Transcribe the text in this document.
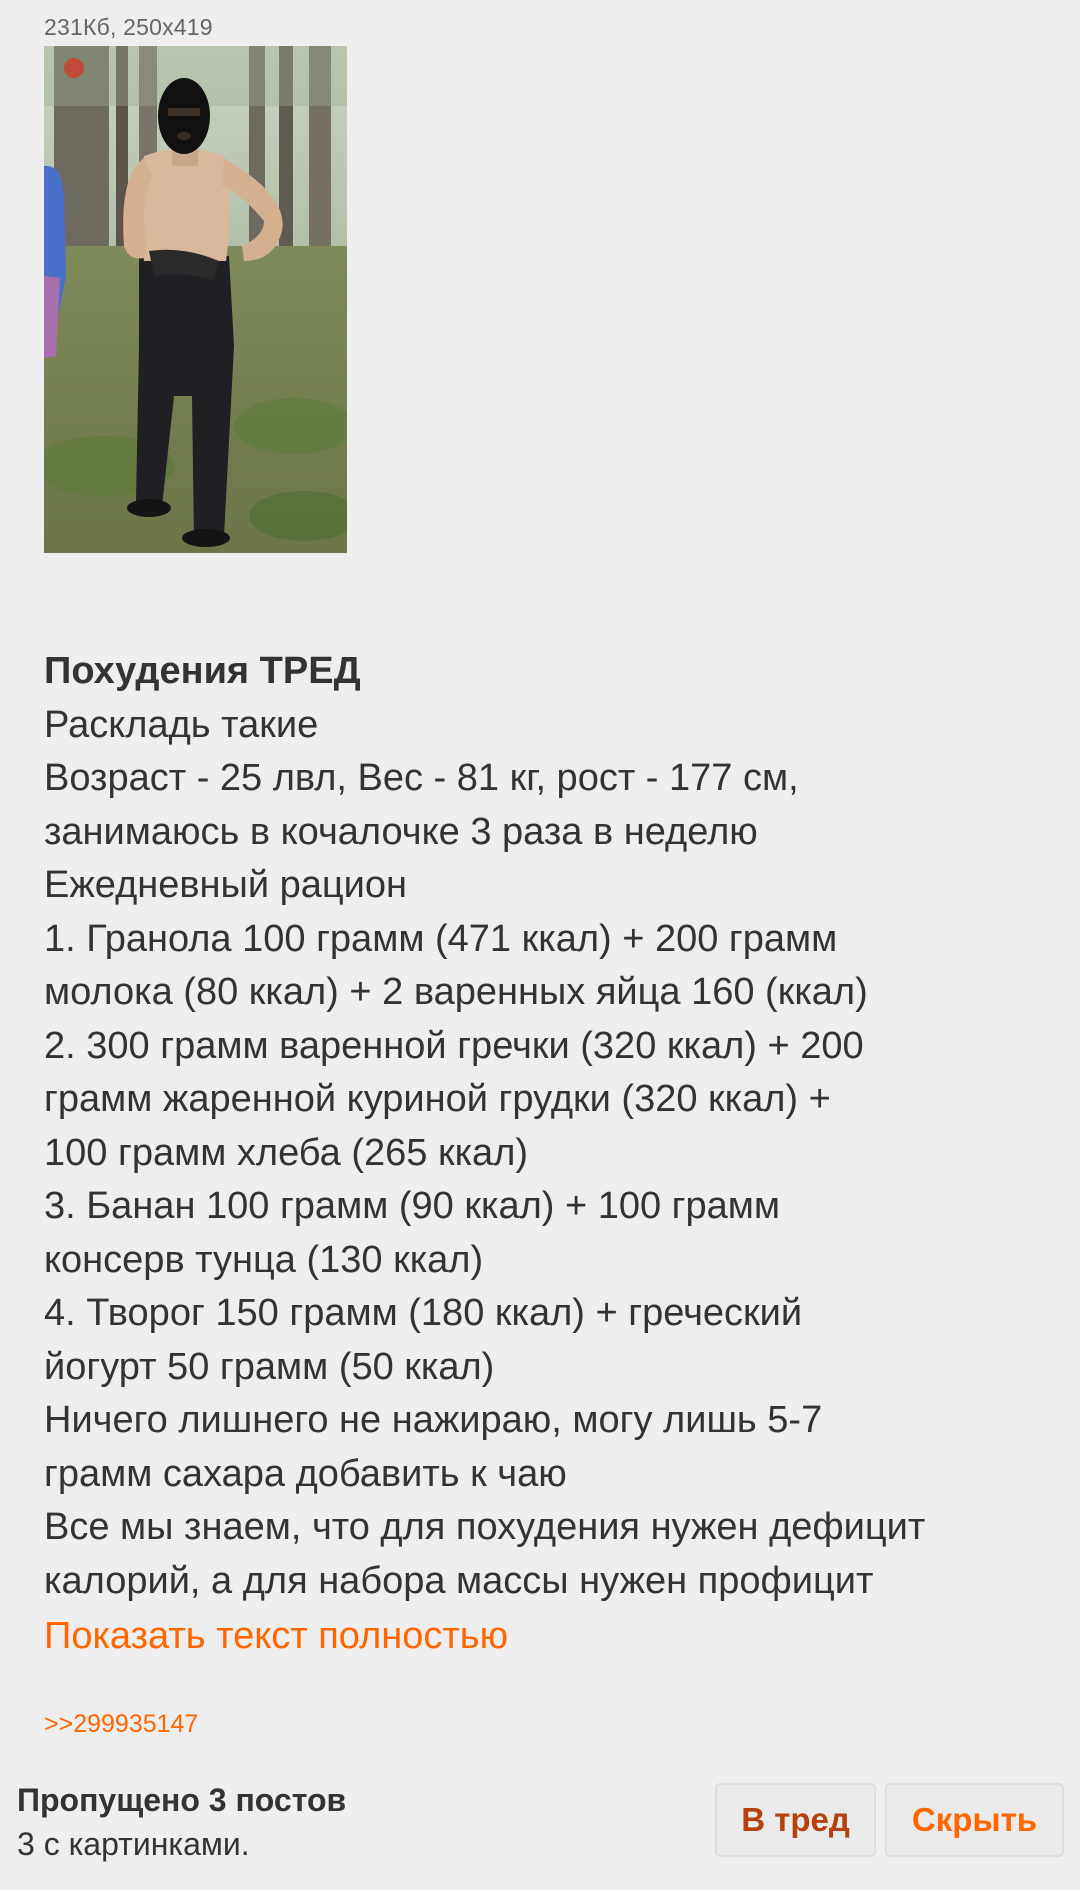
231Кб, 250x419
Похудения ТРЕД
Раскладь такие
Возраст - 25 лвл, Вес - 81 кг, рост - 177 см,
занимаюсь в кочалочке 3 раза в неделю
Ежедневный рацион
1. Гранола 100 грамм (471 ккал) + 200 грамм
молока (80 ккал) + 2 варенных яйца 160 (ккал)
2. 300 грамм варенной гречки (320 ккал) + 200
грамм жаренной куриной грудки (320 ккал) +
100 грамм хлеба (265 ккал)
3. Банан 100 грамм (90 ккал) + 100 грамм
консерв тунца (130 ккал)
4. Творог 150 грамм (180 ккал) + греческий
йогурт 50 грамм (50 ккал)
Ничего лишнего не нажираю, могу лишь 5-7
грамм сахара добавить к чаю
Все мы знаем, что для похудения нужен дефицит
калорий, а для набора массы нужен профицит
Показать текст полностью
>>299935147
Пропущено 3 постов
3 с картинками.
В тред	Скрыть
